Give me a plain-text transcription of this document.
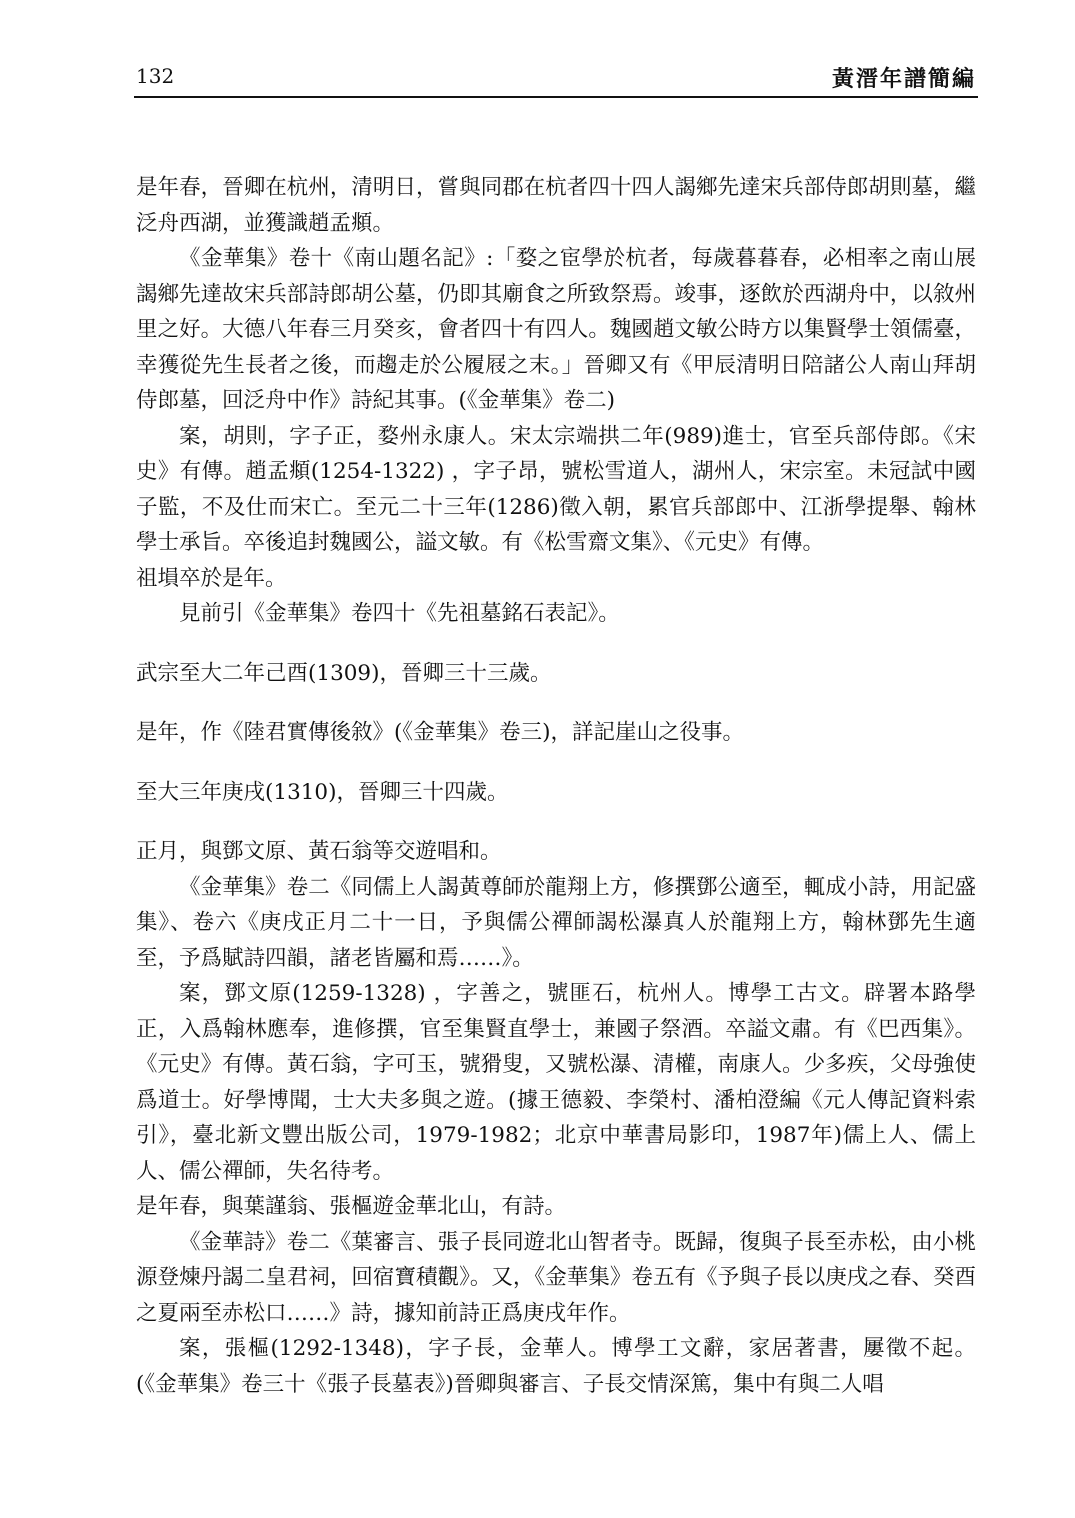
132	黃溍年譜簡編

是年春，晉卿在杭州，清明日，嘗與同郡在杭者四十四人謁鄉先達宋兵部侍郎胡則墓，繼泛舟西湖，並獲識趙孟頫。

《金華集》卷十《南山題名記》:「婺之宦學於杭者，每歲暮暮春，必相率之南山展謁鄉先達故宋兵部詩郎胡公墓，仍即其廟食之所致祭焉。竣事，逐飲於西湖舟中，以敘州里之好。大德八年春三月癸亥，會者四十有四人。魏國趙文敏公時方以集賢學士領儒臺，幸獲從先生長者之後，而趨走於公履屐之末。」晉卿又有《甲辰清明日陪諸公人南山拜胡侍郎墓，回泛舟中作》詩紀其事。(《金華集》卷二)

案，胡則，字子正，婺州永康人。宋太宗端拱二年(989)進士，官至兵部侍郎。《宋史》有傳。趙孟頫(1254-1322) ，字子昂，號松雪道人，湖州人，宋宗室。未冠試中國子監，不及仕而宋亡。至元二十三年(1286)徵入朝，累官兵部郎中、江浙學提舉、翰林學士承旨。卒後追封魏國公，謚文敏。有《松雪齋文集》、《元史》有傳。

祖塤卒於是年。

見前引《金華集》卷四十《先祖墓銘石表記》。

武宗至大二年己酉(1309)，晉卿三十三歲。

是年，作《陸君實傳後敘》(《金華集》卷三)，詳記崖山之役事。

至大三年庚戌(1310)，晉卿三十四歲。

正月，與鄧文原、黃石翁等交遊唱和。

《金華集》卷二《同儒上人謁黃尊師於龍翔上方，修撰鄧公適至，輒成小詩，用記盛集》、卷六《庚戌正月二十一日，予與儒公禪師謁松瀑真人於龍翔上方，翰林鄧先生適至，予爲賦詩四韻，諸老皆屬和焉……》。

案，鄧文原(1259-1328) ，字善之，號匪石，杭州人。博學工古文。辟署本路學正，入爲翰林應奉，進修撰，官至集賢直學士，兼國子祭酒。卒謚文肅。有《巴西集》。《元史》有傳。黃石翁，字可玉，號猾叟，又號松瀑、清權，南康人。少多疾，父母強使爲道士。好學博聞，士大夫多與之遊。(據王德毅、李榮村、潘柏澄編《元人傳記資料索引》，臺北新文豐出版公司，1979-1982；北京中華書局影印，1987年)儒上人、儒上人、儒公禪師，失名待考。

是年春，與葉謹翁、張樞遊金華北山，有詩。

《金華詩》卷二《葉審言、張子長同遊北山智者寺。既歸，復與子長至赤松，由小桃源登煉丹謁二皇君祠，回宿寶積觀》。又，《金華集》卷五有《予與子長以庚戌之春、癸酉之夏兩至赤松口……》詩，據知前詩正爲庚戌年作。

案，張樞(1292-1348)，字子長，金華人。博學工文辭，家居著書，屢徵不起。(《金華集》卷三十《張子長墓表》)晉卿與審言、子長交情深篤，集中有與二人唱
